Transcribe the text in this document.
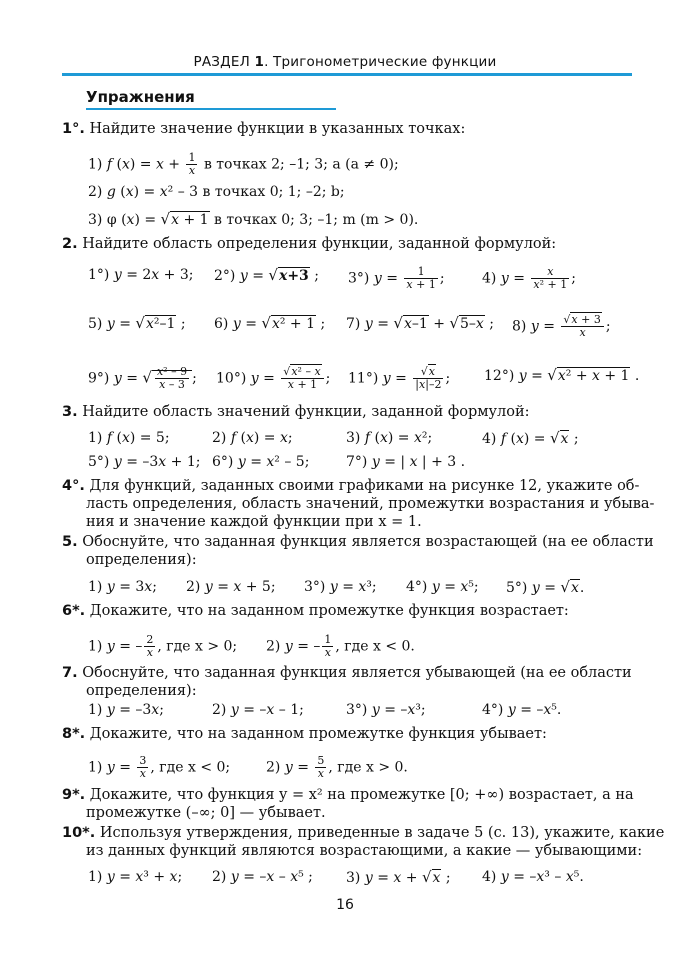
РАЗДЕЛ 1. Тригонометрические функции
Упражнения
1°. Найдите значение функции в указанных точках:
1) f $(x) = x + \frac{1}{x}$ в точках 2; –1; 3; a (a ≠ 0);
2) g (x) = x² – 3 в точках 0; 1; –2; b;
3) φ (x) = √x + 1 в точках 0; 3; –1; m (m > 0).
2. Найдите область определения функции, заданной формулой:
1°) y = 2x + 3; 2°) y = √x+3 ; 3°) $y = \frac{1}{x + 1}$ ;	4) $y = \frac{x}{\text{x² + 1}}$ ;
5) y = √x²–1 ; 6) y = √x² + 1 ; 7) y = √x–1 + √5–x ; 8) $y = \frac{√x + 3}{x}$ ;
9°) y = √ $\frac{\text{x² – 9}}{x - 3}$ ; 10°) $y = \frac{\text{√x² – x}}{x + 1}$ ; 11°) $y = \frac{√x}{|x|-2}$ ; 12°) y = √x² + x + 1 .
3. Найдите область значений функции, заданной формулой:
1) f (x) = 5;	2) f (x) = x;	3) f (x) = x²;	4) f (x) = √x ;
5°) y = –3x + 1; 6°) y = x² – 5;	7°) y = | x | + 3 .
4°. Для функций, заданных своими графиками на рисунке 12, укажите об-
ласть определения, область значений, промежутки возрастания и убыва-
ния и значение каждой функции при x = 1.
5. Обоснуйте, что заданная функция является возрастающей (на ее области
определения):
1) y = 3x; 2) y = x + 5; 3°) y = x³; 4°) y = x⁵; 5°) y = √x.
6*. Докажите, что на заданном промежутке функция возрастает:
1) y = – $\frac{2}{x}$ , где x > 0; 2) y = – $\frac{1}{x}$ , где x < 0.
7. Обоснуйте, что заданная функция является убывающей (на ее области
определения):
1) y = –3x;	2) y = –x – 1;	3°) y = –x³;	4°) y = –x⁵.
8*. Докажите, что на заданном промежутке функция убывает:
1) $y = \frac{3}{x}$ , где x < 0;	2) $y = \frac{5}{x}$ , где x > 0.
9*. Докажите, что функция y = x² на промежутке [0; +∞) возрастает, а на
промежутке (–∞; 0] — убывает.
10*. Используя утверждения, приведенные в задаче 5 (с. 13), укажите, какие
из данных функций являются возрастающими, а какие — убывающими:
1) y = x³ + x; 2) y = –x – x⁵ ; 3) y = x + √x ; 4) y = –x³ – x⁵.
16
